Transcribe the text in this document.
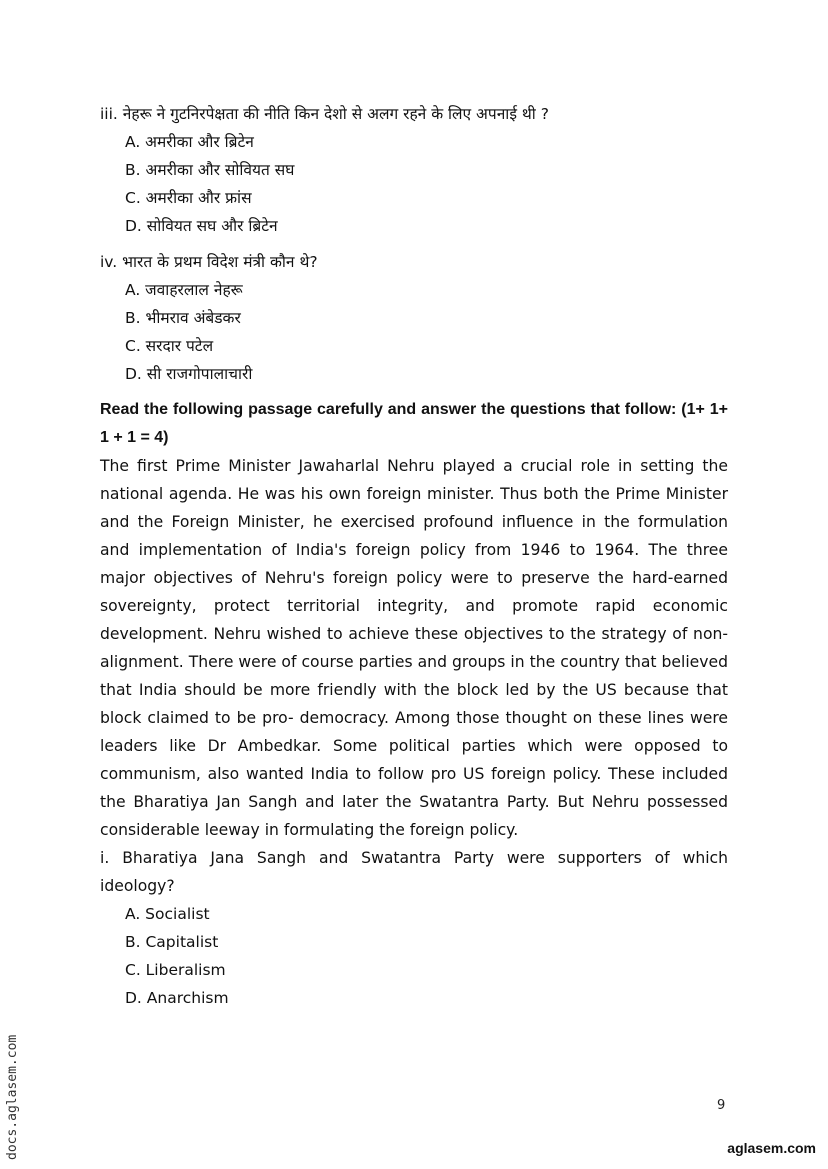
iii. नेहरू ने गुटनिरपेक्षता की नीति किन देशो से अलग रहने के लिए अपनाई थी ?

A. अमरीका और ब्रिटेन
B. अमरीका और सोवियत सघ
C. अमरीका और फ्रांस
D. सोवियत सघ और ब्रिटेन

iv. भारत के प्रथम विदेश मंत्री कौन थे?

A. जवाहरलाल नेहरू
B. भीमराव अंबेडकर
C. सरदार पटेल
D. सी राजगोपालाचारी

Read the following passage carefully and answer the questions that follow: (1+ 1+ 1 + 1 = 4)

The first Prime Minister Jawaharlal Nehru played a crucial role in setting the national agenda. He was his own foreign minister. Thus both the Prime Minister and the Foreign Minister, he exercised profound influence in the formulation and implementation of India's foreign policy from 1946 to 1964. The three major objectives of Nehru's foreign policy were to preserve the hard-earned sovereignty, protect territorial integrity, and promote rapid economic development. Nehru wished to achieve these objectives to the strategy of non-alignment. There were of course parties and groups in the country that believed that India should be more friendly with the block led by the US because that block claimed to be pro- democracy. Among those thought on these lines were leaders like Dr Ambedkar. Some political parties which were opposed to communism, also wanted India to follow pro US foreign policy. These included the Bharatiya Jan Sangh and later the Swatantra Party. But Nehru possessed considerable leeway in formulating the foreign policy.

i. Bharatiya Jana Sangh and Swatantra Party were supporters of which ideology?

A. Socialist
B. Capitalist
C. Liberalism
D. Anarchism
9
aglasem.com
docs.aglasem.com
